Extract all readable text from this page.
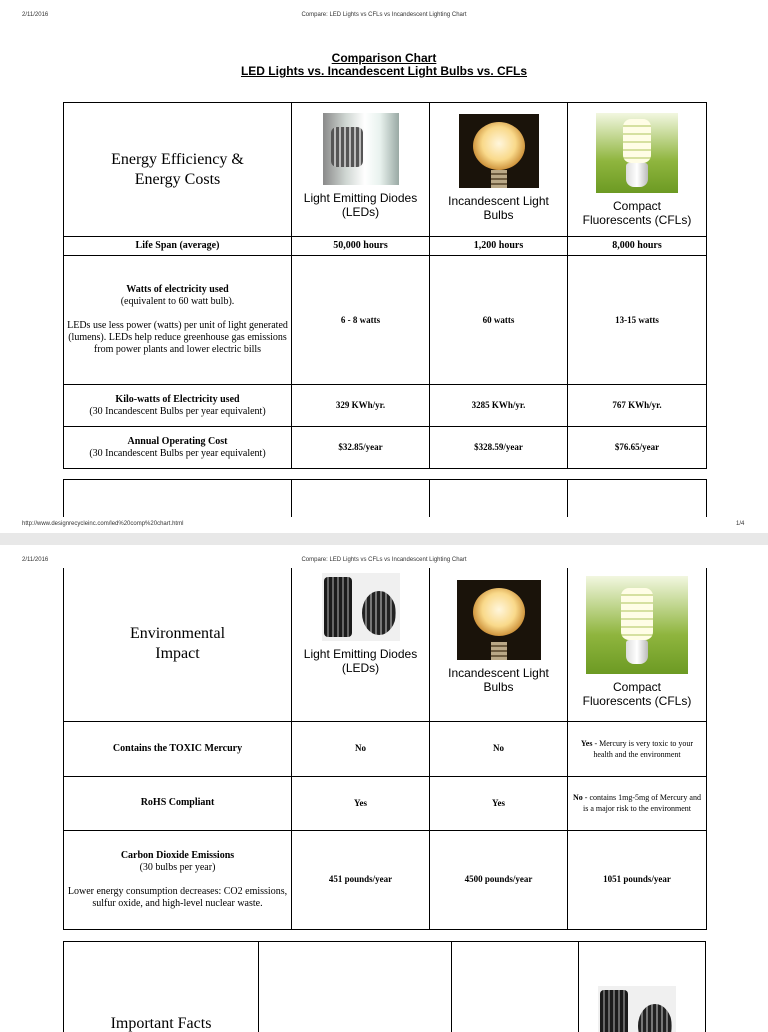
2/11/2016	Compare: LED Lights vs CFLs vs Incandescent Lighting Chart
Comparison Chart
LED Lights vs. Incandescent Light Bulbs vs. CFLs
Energy Efficiency & Energy Costs	Light Emitting Diodes (LEDs)	Incandescent Light Bulbs	Compact Fluorescents (CFLs)

Life Span (average)	50,000 hours	1,200 hours	8,000 hours

Watts of electricity used
(equivalent to 60 watt bulb).
LEDs use less power (watts) per unit of light generated (lumens). LEDs help reduce greenhouse gas emissions from power plants and lower electric bills	6 - 8 watts	60 watts	13-15 watts

Kilo-watts of Electricity used
(30 Incandescent Bulbs per year equivalent)	329 KWh/yr.	3285 KWh/yr.	767 KWh/yr.

Annual Operating Cost
(30 Incandescent Bulbs per year equivalent)	$32.85/year	$328.59/year	$76.65/year

http://www.designrecycleinc.com/led%20comp%20chart.html	1/4
2/11/2016	Compare: LED Lights vs CFLs vs Incandescent Lighting Chart
Environmental Impact	Light Emitting Diodes (LEDs)	Incandescent Light Bulbs	Compact Fluorescents (CFLs)

Contains the TOXIC Mercury	No	No	Yes - Mercury is very toxic to your health and the environment
RoHS Compliant	Yes	Yes	No - contains 1mg-5mg of Mercury and is a major risk to the environment

Carbon Dioxide Emissions
(30 bulbs per year)
Lower energy consumption decreases: CO2 emissions, sulfur oxide, and high-level nuclear waste.	451 pounds/year	4500 pounds/year	1051 pounds/year
Important Facts
